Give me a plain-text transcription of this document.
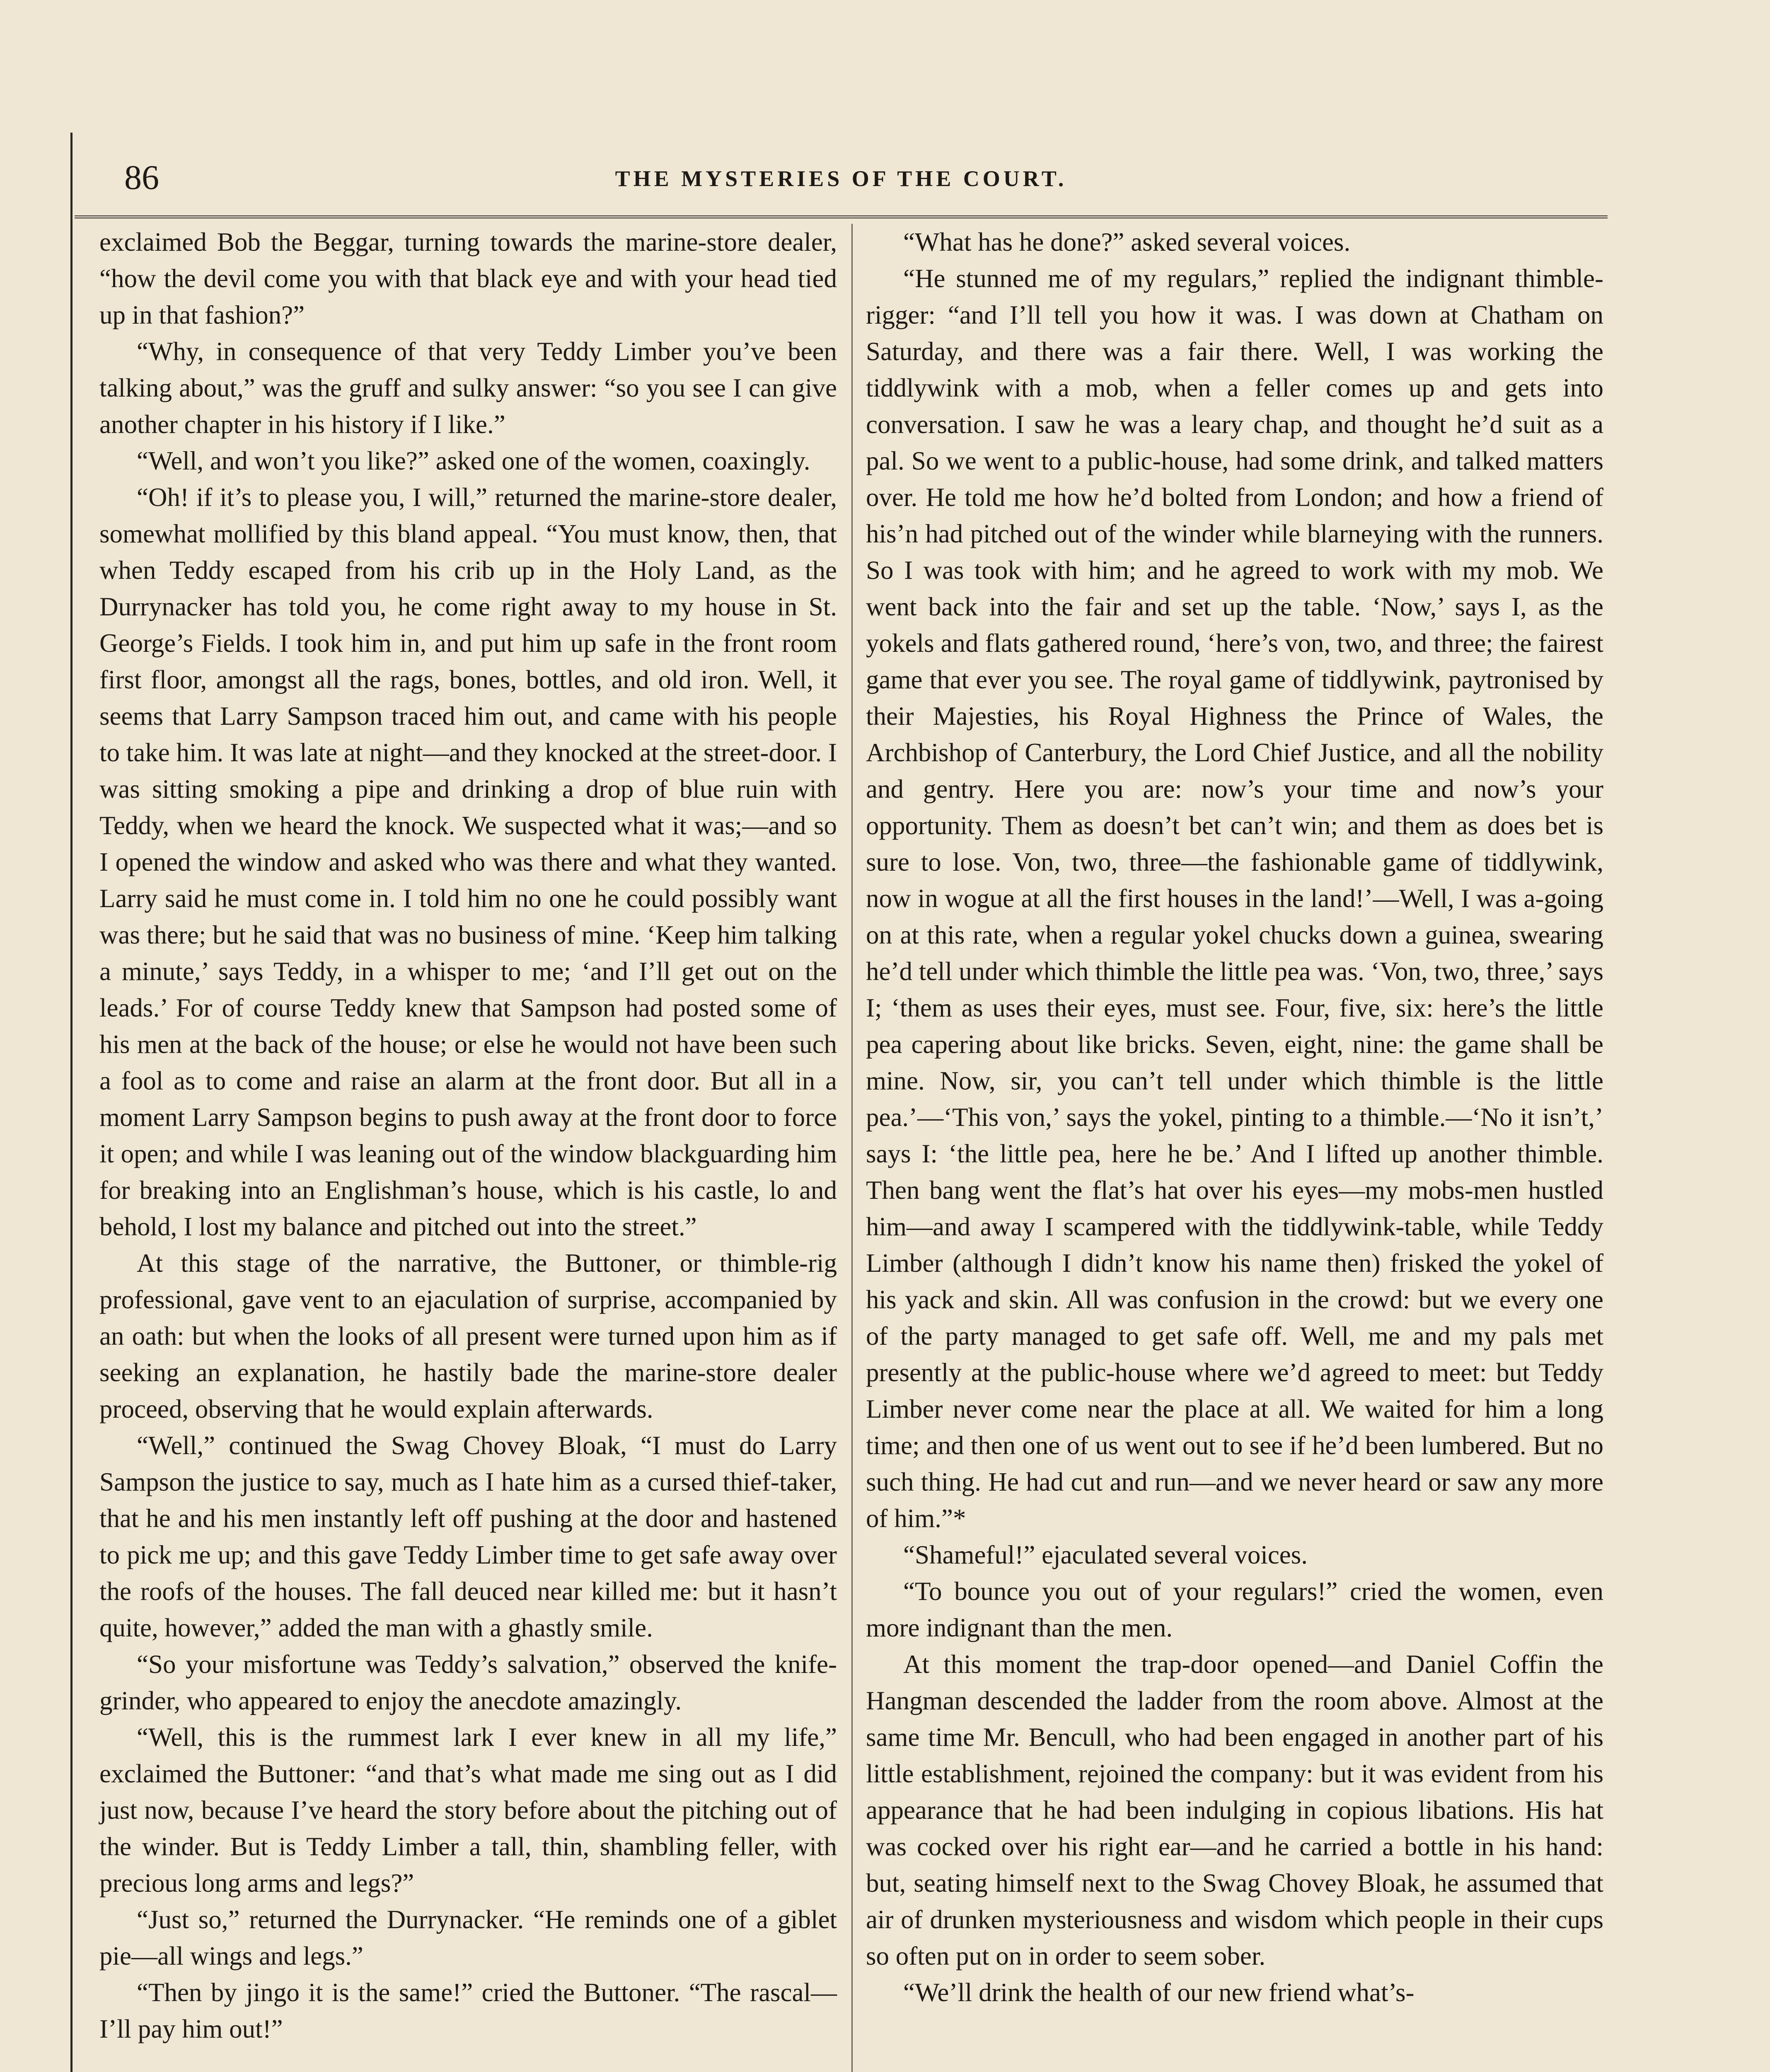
86	THE MYSTERIES OF THE COURT.

exclaimed Bob the Beggar, turning towards the marine-store dealer, “how the devil come you with that black eye and with your head tied up in that fashion?”

“Why, in consequence of that very Teddy Limber you’ve been talking about,” was the gruff and sulky answer: “so you see I can give another chapter in his history if I like.”

“Well, and won’t you like?” asked one of the women, coaxingly.

“Oh! if it’s to please you, I will,” returned the marine-store dealer, somewhat mollified by this bland appeal. “You must know, then, that when Teddy escaped from his crib up in the Holy Land, as the Durrynacker has told you, he come right away to my house in St. George’s Fields. I took him in, and put him up safe in the front room first floor, amongst all the rags, bones, bottles, and old iron. Well, it seems that Larry Sampson traced him out, and came with his people to take him. It was late at night—and they knocked at the street-door. I was sitting smoking a pipe and drinking a drop of blue ruin with Teddy, when we heard the knock. We suspected what it was;—and so I opened the window and asked who was there and what they wanted. Larry said he must come in. I told him no one he could possibly want was there; but he said that was no business of mine. ‘Keep him talking a minute,’ says Teddy, in a whisper to me; ‘and I’ll get out on the leads.’ For of course Teddy knew that Sampson had posted some of his men at the back of the house; or else he would not have been such a fool as to come and raise an alarm at the front door. But all in a moment Larry Sampson begins to push away at the front door to force it open; and while I was leaning out of the window blackguarding him for breaking into an Englishman’s house, which is his castle, lo and behold, I lost my balance and pitched out into the street.”

At this stage of the narrative, the Buttoner, or thimble-rig professional, gave vent to an ejaculation of surprise, accompanied by an oath: but when the looks of all present were turned upon him as if seeking an explanation, he hastily bade the marine-store dealer proceed, observing that he would explain afterwards.

“Well,” continued the Swag Chovey Bloak, “I must do Larry Sampson the justice to say, much as I hate him as a cursed thief-taker, that he and his men instantly left off pushing at the door and hastened to pick me up; and this gave Teddy Limber time to get safe away over the roofs of the houses. The fall deuced near killed me: but it hasn’t quite, however,” added the man with a ghastly smile.

“So your misfortune was Teddy’s salvation,” observed the knife-grinder, who appeared to enjoy the anecdote amazingly.

“Well, this is the rummest lark I ever knew in all my life,” exclaimed the Buttoner: “and that’s what made me sing out as I did just now, because I’ve heard the story before about the pitching out of the winder. But is Teddy Limber a tall, thin, shambling feller, with precious long arms and legs?”

“Just so,” returned the Durrynacker. “He reminds one of a giblet pie—all wings and legs.”

“Then by jingo it is the same!” cried the Buttoner. “The rascal—I’ll pay him out!”

“What has he done?” asked several voices.

“He stunned me of my regulars,” replied the indignant thimble-rigger: “and I’ll tell you how it was. I was down at Chatham on Saturday, and there was a fair there. Well, I was working the tiddlywink with a mob, when a feller comes up and gets into conversation. I saw he was a leary chap, and thought he’d suit as a pal. So we went to a public-house, had some drink, and talked matters over. He told me how he’d bolted from London; and how a friend of his’n had pitched out of the winder while blarneying with the runners. So I was took with him; and he agreed to work with my mob. We went back into the fair and set up the table. ‘Now,’ says I, as the yokels and flats gathered round, ‘here’s von, two, and three; the fairest game that ever you see. The royal game of tiddlywink, paytronised by their Majesties, his Royal Highness the Prince of Wales, the Archbishop of Canterbury, the Lord Chief Justice, and all the nobility and gentry. Here you are: now’s your time and now’s your opportunity. Them as doesn’t bet can’t win; and them as does bet is sure to lose. Von, two, three—the fashionable game of tiddlywink, now in wogue at all the first houses in the land!’—Well, I was a-going on at this rate, when a regular yokel chucks down a guinea, swearing he’d tell under which thimble the little pea was. ‘Von, two, three,’ says I; ‘them as uses their eyes, must see. Four, five, six: here’s the little pea capering about like bricks. Seven, eight, nine: the game shall be mine. Now, sir, you can’t tell under which thimble is the little pea.’—‘This von,’ says the yokel, pinting to a thimble.—‘No it isn’t,’ says I: ‘the little pea, here he be.’ And I lifted up another thimble. Then bang went the flat’s hat over his eyes—my mobs-men hustled him—and away I scampered with the tiddlywink-table, while Teddy Limber (although I didn’t know his name then) frisked the yokel of his yack and skin. All was confusion in the crowd: but we every one of the party managed to get safe off. Well, me and my pals met presently at the public-house where we’d agreed to meet: but Teddy Limber never come near the place at all. We waited for him a long time; and then one of us went out to see if he’d been lumbered. But no such thing. He had cut and run—and we never heard or saw any more of him.”*

“Shameful!” ejaculated several voices.

“To bounce you out of your regulars!” cried the women, even more indignant than the men.

At this moment the trap-door opened—and Daniel Coffin the Hangman descended the ladder from the room above. Almost at the same time Mr. Bencull, who had been engaged in another part of his little establishment, rejoined the company: but it was evident from his appearance that he had been indulging in copious libations. His hat was cocked over his right ear—and he carried a bottle in his hand: but, seating himself next to the Swag Chovey Bloak, he assumed that air of drunken mysteriousness and wisdom which people in their cups so often put on in order to seem sober.

“We’ll drink the health of our new friend what’s-
